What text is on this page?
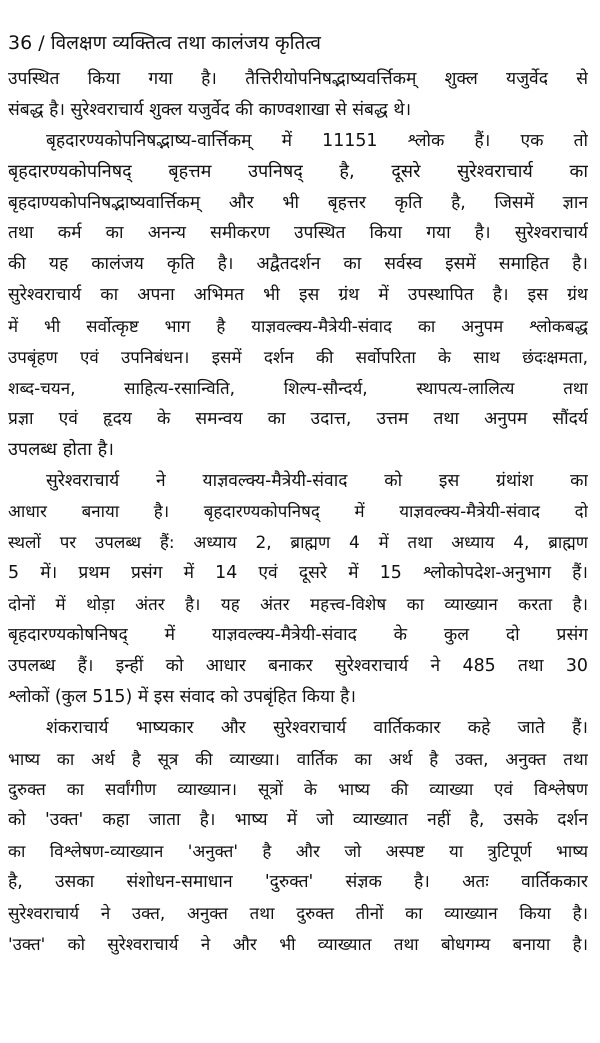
36 / विलक्षण व्यक्तित्व तथा कालंजय कृतित्व
उपस्थित किया गया है। तैत्तिरीयोपनिषद्भाष्यवर्त्तिकम् शुक्ल यजुर्वेद से
संबद्ध है। सुरेश्वराचार्य शुक्ल यजुर्वेद की काण्वशाखा से संबद्ध थे।
बृहदारण्यकोपनिषद्भाष्य-वार्त्तिकम् में 11151 श्लोक हैं। एक तो
बृहदारण्यकोपनिषद् बृहत्तम उपनिषद् है, दूसरे सुरेश्वराचार्य का
बृहदाण्यकोपनिषद्भाष्यवार्त्तिकम् और भी बृहत्तर कृति है, जिसमें ज्ञान
तथा कर्म का अनन्य समीकरण उपस्थित किया गया है। सुरेश्वराचार्य
की यह कालंजय कृति है। अद्वैतदर्शन का सर्वस्व इसमें समाहित है।
सुरेश्वराचार्य का अपना अभिमत भी इस ग्रंथ में उपस्थापित है। इस ग्रंथ
में भी सर्वोत्कृष्ट भाग है याज्ञवल्क्य-मैत्रेयी-संवाद का अनुपम श्लोकबद्ध
उपबृंहण एवं उपनिबंधन। इसमें दर्शन की सर्वोपरिता के साथ छंदःक्षमता,
शब्द-चयन, साहित्य-रसान्विति, शिल्प-सौन्दर्य, स्थापत्य-लालित्य तथा
प्रज्ञा एवं हृदय के समन्वय का उदात्त, उत्तम तथा अनुपम सौंदर्य
उपलब्ध होता है।
सुरेश्वराचार्य ने याज्ञवल्क्य-मैत्रेयी-संवाद को इस ग्रंथांश का
आधार बनाया है। बृहदारण्यकोपनिषद् में याज्ञवल्क्य-मैत्रेयी-संवाद दो
स्थलों पर उपलब्ध हैं: अध्याय 2, ब्राह्मण 4 में तथा अध्याय 4, ब्राह्मण
5 में। प्रथम प्रसंग में 14 एवं दूसरे में 15 श्लोकोपदेश-अनुभाग हैं।
दोनों में थोड़ा अंतर है। यह अंतर महत्त्व-विशेष का व्याख्यान करता है।
बृहदारण्यकोषनिषद् में याज्ञवल्क्य-मैत्रेयी-संवाद के कुल दो प्रसंग
उपलब्ध हैं। इन्हीं को आधार बनाकर सुरेश्वराचार्य ने 485 तथा 30
श्लोकों (कुल 515) में इस संवाद को उपबृंहित किया है।
शंकराचार्य भाष्यकार और सुरेश्वराचार्य वार्तिककार कहे जाते हैं।
भाष्य का अर्थ है सूत्र की व्याख्या। वार्तिक का अर्थ है उक्त, अनुक्त तथा
दुरुक्त का सर्वांगीण व्याख्यान। सूत्रों के भाष्य की व्याख्या एवं विश्लेषण
को 'उक्त' कहा जाता है। भाष्य में जो व्याख्यात नहीं है, उसके दर्शन
का विश्लेषण-व्याख्यान 'अनुक्त' है और जो अस्पष्ट या त्रुटिपूर्ण भाष्य
है, उसका संशोधन-समाधान 'दुरुक्त' संज्ञक है। अतः वार्तिककार
सुरेश्वराचार्य ने उक्त, अनुक्त तथा दुरुक्त तीनों का व्याख्यान किया है।
'उक्त' को सुरेश्वराचार्य ने और भी व्याख्यात तथा बोधगम्य बनाया है।
